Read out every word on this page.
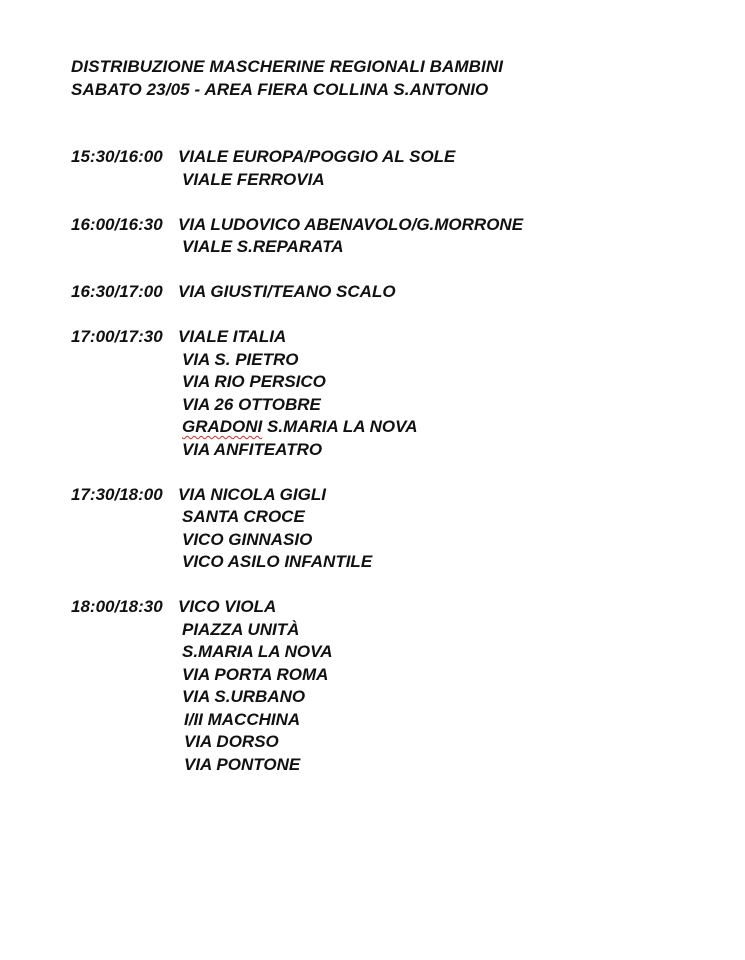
DISTRIBUZIONE MASCHERINE REGIONALI BAMBINI
SABATO 23/05 - AREA FIERA COLLINA S.ANTONIO
15:30/16:00 VIALE EUROPA/POGGIO AL SOLE
VIALE FERROVIA
16:00/16:30 VIA LUDOVICO ABENAVOLO/G.MORRONE
VIALE S.REPARATA
16:30/17:00 VIA GIUSTI/TEANO SCALO
17:00/17:30 VIALE ITALIA
VIA S. PIETRO
VIA RIO PERSICO
VIA 26 OTTOBRE
GRADONI S.MARIA LA NOVA
VIA ANFITEATRO
17:30/18:00 VIA NICOLA GIGLI
SANTA CROCE
VICO GINNASIO
VICO ASILO INFANTILE
18:00/18:30 VICO VIOLA
PIAZZA UNITÀ
S.MARIA LA NOVA
VIA PORTA ROMA
VIA S.URBANO
I/II MACCHINA
VIA DORSO
VIA PONTONE
